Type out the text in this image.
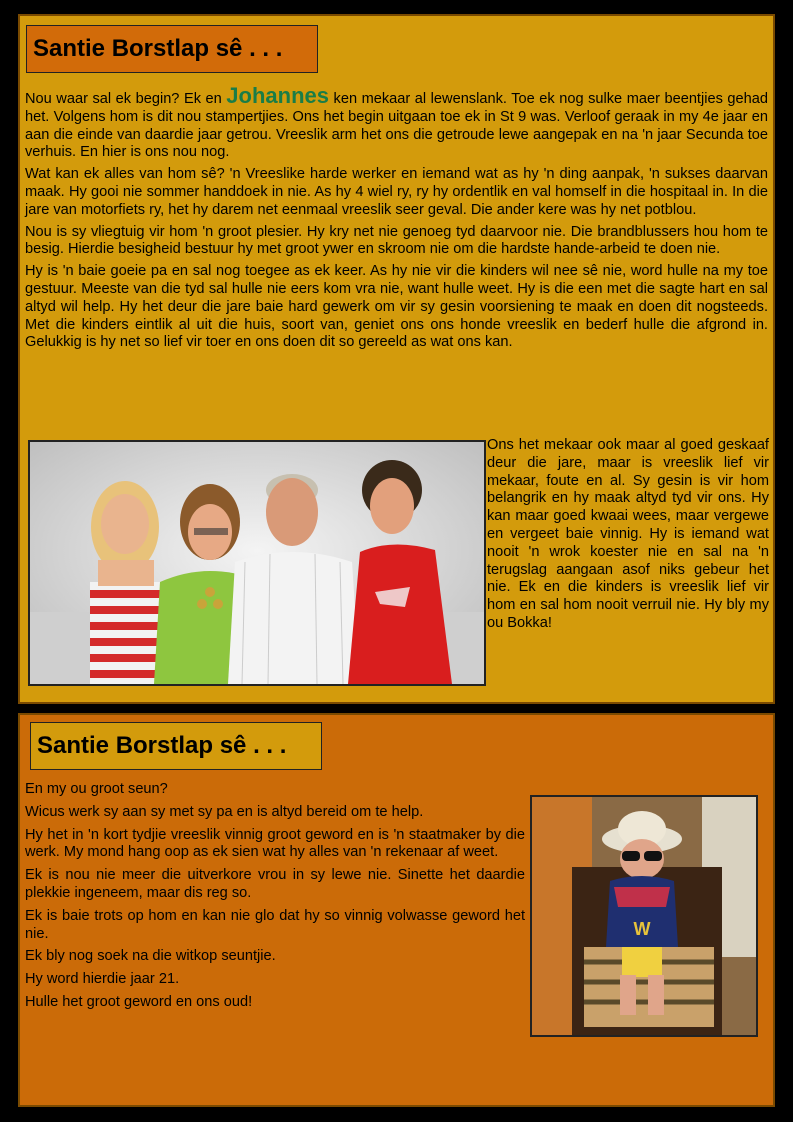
Santie Borstlap sê . . .

Nou waar sal ek begin? Ek en Johannes ken mekaar al lewenslank. Toe ek nog sulke maer beentjies gehad het. Volgens hom is dit nou stampertjies. Ons het begin uitgaan toe ek in St 9 was. Verloof geraak in my 4e jaar en aan die einde van daardie jaar getrou. Vreeslik arm het ons die getroude lewe aangepak en na 'n jaar Secunda toe verhuis. En hier is ons nou nog.

Wat kan ek alles van hom sê? 'n Vreeslike harde werker en iemand wat as hy 'n ding aanpak, 'n sukses daarvan maak. Hy gooi nie sommer handdoek in nie. As hy 4 wiel ry, ry hy ordentlik en val homself in die hospitaal in. In die jare van motorfiets ry, het hy darem net eenmaal vreeslik seer geval. Die ander kere was hy net potblou.

Nou is sy vliegtuig vir hom 'n groot plesier. Hy kry net nie genoeg tyd daarvoor nie. Die brandblussers hou hom te besig. Hierdie besigheid bestuur hy met groot ywer en skroom nie om die hardste hande-arbeid te doen nie.

Hy is 'n baie goeie pa en sal nog toegee as ek keer. As hy nie vir die kinders wil nee sê nie, word hulle na my toe gestuur. Meeste van die tyd sal hulle nie eers kom vra nie, want hulle weet. Hy is die een met die sagte hart en sal altyd wil help. Hy het deur die jare baie hard gewerk om vir sy gesin voorsiening te maak en doen dit nogsteeds. Met die kinders eintlik al uit die huis, soort van, geniet ons ons honde vreeslik en bederf hulle die afgrond in. Gelukkig is hy net so lief vir toer en ons doen dit so gereeld as wat ons kan.

Ons het mekaar ook maar al goed geskaaf deur die jare, maar is vreeslik lief vir mekaar, foute en al. Sy gesin is vir hom belangrik en hy maak altyd tyd vir ons. Hy kan maar goed kwaai wees, maar vergewe en vergeet baie vinnig. Hy is iemand wat nooit 'n wrok koester nie en sal na 'n terugslag aangaan asof niks gebeur het nie. Ek en die kinders is vreeslik lief vir hom en sal hom nooit verruil nie. Hy bly my ou Bokka!

Santie Borstlap sê . . .

En my ou groot seun?

Wicus werk sy aan sy met sy pa en is altyd bereid om te help.

Hy het in 'n kort tydjie vreeslik vinnig groot geword en is 'n staatmaker by die werk. My mond hang oop as ek sien wat hy alles van 'n rekenaar af weet.

Ek is nou nie meer die uitverkore vrou in sy lewe nie. Sinette het daardie plekkie ingeneem, maar dis reg so.

Ek is baie trots op hom en kan nie glo dat hy so vinnig volwasse geword het nie.

Ek bly nog soek na die witkop seuntjie.

Hy word hierdie jaar 21.

Hulle het groot geword en ons oud!

W
